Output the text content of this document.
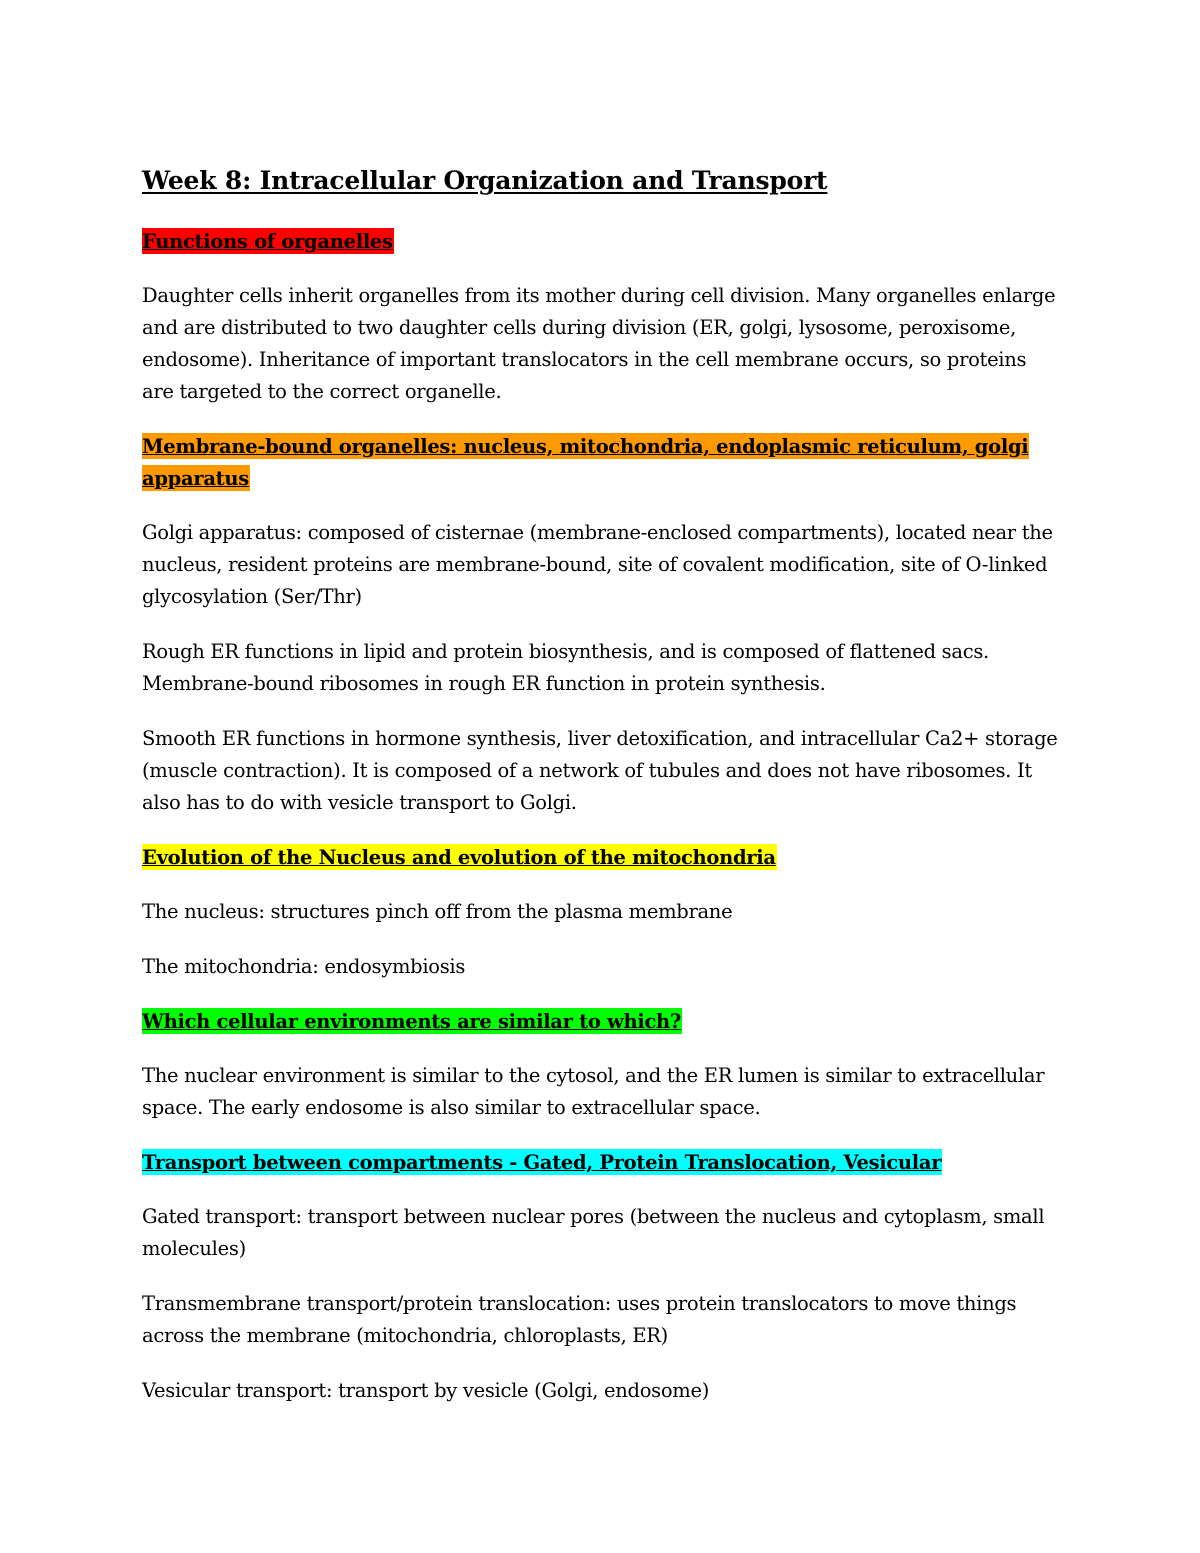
Week 8: Intracellular Organization and Transport
Functions of organelles

Daughter cells inherit organelles from its mother during cell division. Many organelles enlarge and are distributed to two daughter cells during division (ER, golgi, lysosome, peroxisome, endosome). Inheritance of important translocators in the cell membrane occurs, so proteins are targeted to the correct organelle.

Membrane-bound organelles: nucleus, mitochondria, endoplasmic reticulum, golgi apparatus

Golgi apparatus: composed of cisternae (membrane-enclosed compartments), located near the nucleus, resident proteins are membrane-bound, site of covalent modification, site of O-linked glycosylation (Ser/Thr)

Rough ER functions in lipid and protein biosynthesis, and is composed of flattened sacs. Membrane-bound ribosomes in rough ER function in protein synthesis.

Smooth ER functions in hormone synthesis, liver detoxification, and intracellular Ca2+ storage (muscle contraction). It is composed of a network of tubules and does not have ribosomes. It also has to do with vesicle transport to Golgi.

Evolution of the Nucleus and evolution of the mitochondria

The nucleus: structures pinch off from the plasma membrane

The mitochondria: endosymbiosis

Which cellular environments are similar to which?

The nuclear environment is similar to the cytosol, and the ER lumen is similar to extracellular space. The early endosome is also similar to extracellular space.

Transport between compartments - Gated, Protein Translocation, Vesicular

Gated transport: transport between nuclear pores (between the nucleus and cytoplasm, small molecules)

Transmembrane transport/protein translocation: uses protein translocators to move things across the membrane (mitochondria, chloroplasts, ER)

Vesicular transport: transport by vesicle (Golgi, endosome)
